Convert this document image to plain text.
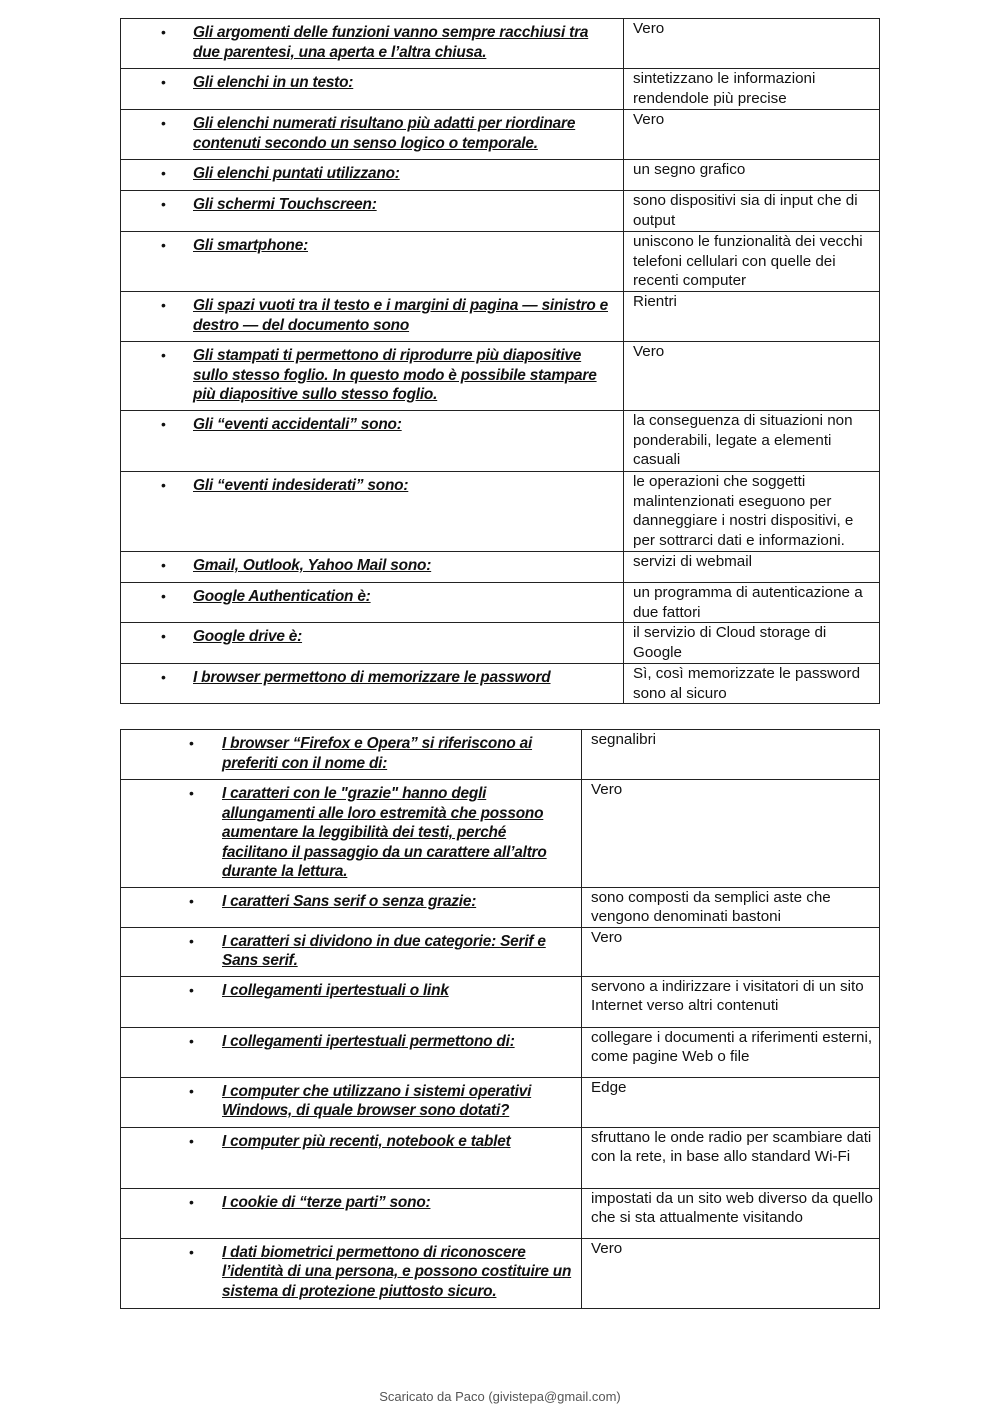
• Gli argomenti delle funzioni vanno sempre racchiusi tra due parentesi, una aperta e l’altra chiusa.	Vero

• Gli elenchi in un testo:	sintetizzano le informazioni rendendole più precise

• Gli elenchi numerati risultano più adatti per riordinare contenuti secondo un senso logico o temporale.	Vero

• Gli elenchi puntati utilizzano:	un segno grafico

• Gli schermi Touchscreen:	sono dispositivi sia di input che di output

• Gli smartphone:	uniscono le funzionalità dei vecchi telefoni cellulari con quelle dei recenti computer

• Gli spazi vuoti tra il testo e i margini di pagina — sinistro e destro — del documento sono	Rientri

• Gli stampati ti permettono di riprodurre più diapositive sullo stesso foglio. In questo modo è possibile stampare più diapositive sullo stesso foglio.	Vero

• Gli “eventi accidentali” sono:	la conseguenza di situazioni non ponderabili, legate a elementi casuali

• Gli “eventi indesiderati” sono:	le operazioni che soggetti malintenzionati eseguono per danneggiare i nostri dispositivi, e per sottrarci dati e informazioni.

• Gmail, Outlook, Yahoo Mail sono:	servizi di webmail

• Google Authentication è:	un programma di autenticazione a due fattori

• Google drive è:	il servizio di Cloud storage di Google

• I browser permettono di memorizzare le password	Sì, così memorizzate le password sono al sicuro
• I browser “Firefox e Opera” si riferiscono ai preferiti con il nome di:	segnalibri

• I caratteri con le "grazie" hanno degli allungamenti alle loro estremità che possono aumentare la leggibilità dei testi, perché facilitano il passaggio da un carattere all’altro durante la lettura.	Vero

• I caratteri Sans serif o senza grazie:	sono composti da semplici aste che vengono denominati bastoni

• I caratteri si dividono in due categorie: Serif e Sans serif.	Vero

• I collegamenti ipertestuali o link	servono a indirizzare i visitatori di un sito Internet verso altri contenuti

• I collegamenti ipertestuali permettono di:	collegare i documenti a riferimenti esterni, come pagine Web o file

• I computer che utilizzano i sistemi operativi Windows, di quale browser sono dotati?	Edge

• I computer più recenti, notebook e tablet	sfruttano le onde radio per scambiare dati con la rete, in base allo standard Wi-Fi

• I cookie di “terze parti” sono:	impostati da un sito web diverso da quello che si sta attualmente visitando

• I dati biometrici permettono di riconoscere l’identità di una persona, e possono costituire un sistema di protezione piuttosto sicuro.	Vero
Scaricato da Paco (givistepa@gmail.com)
